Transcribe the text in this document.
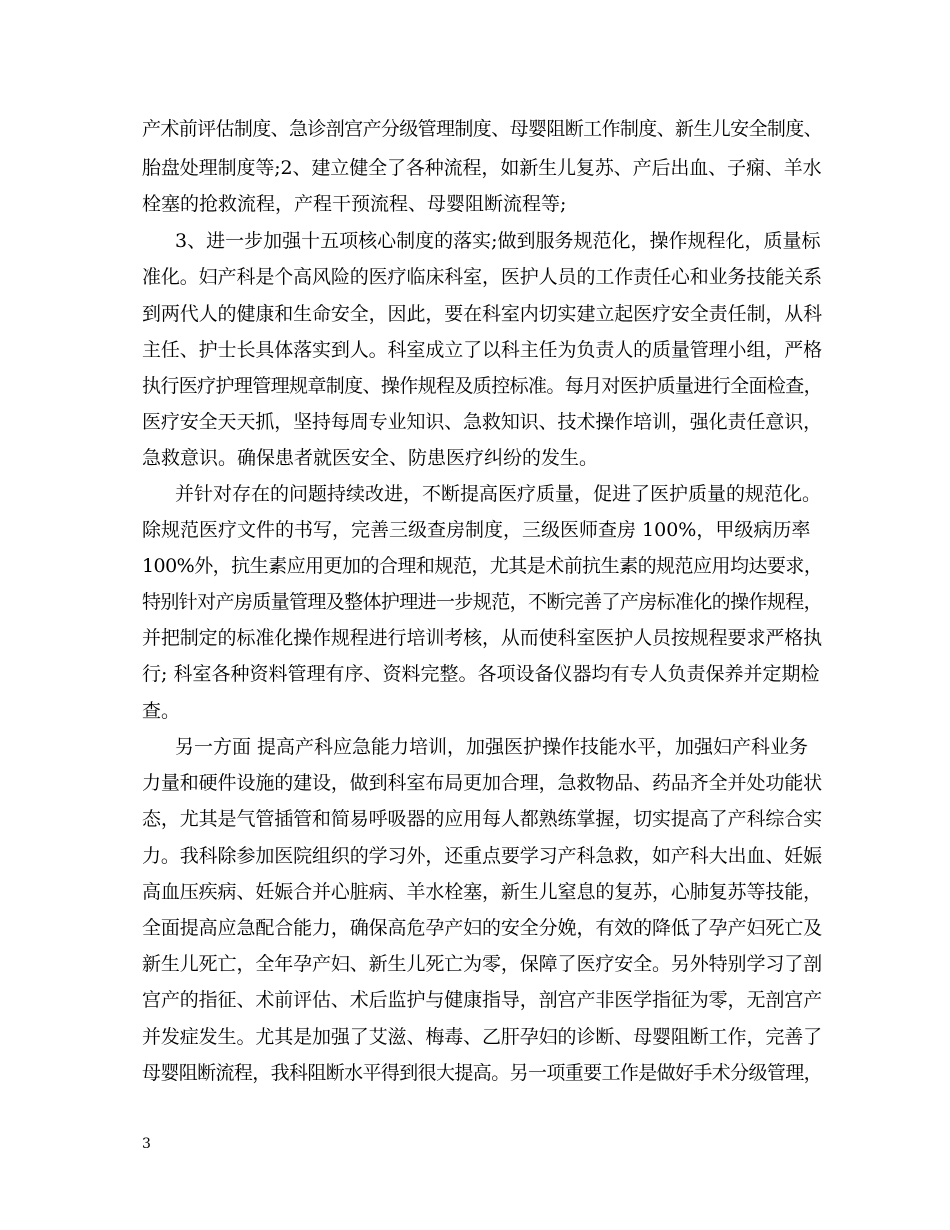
产术前评估制度、急诊剖宫产分级管理制度、母婴阻断工作制度、新生儿安全制度、
胎盘处理制度等;2、建立健全了各种流程，如新生儿复苏、产后出血、子痫、羊水
栓塞的抢救流程，产程干预流程、母婴阻断流程等;
3、进一步加强十五项核心制度的落实;做到服务规范化，操作规程化，质量标
准化。妇产科是个高风险的医疗临床科室，医护人员的工作责任心和业务技能关系
到两代人的健康和生命安全，因此，要在科室内切实建立起医疗安全责任制，从科
主任、护士长具体落实到人。科室成立了以科主任为负责人的质量管理小组，严格
执行医疗护理管理规章制度、操作规程及质控标准。每月对医护质量进行全面检查，
医疗安全天天抓，坚持每周专业知识、急救知识、技术操作培训，强化责任意识，
急救意识。确保患者就医安全、防患医疗纠纷的发生。
并针对存在的问题持续改进，不断提高医疗质量，促进了医护质量的规范化。
除规范医疗文件的书写，完善三级查房制度，三级医师查房 100%，甲级病历率
100%外，抗生素应用更加的合理和规范，尤其是术前抗生素的规范应用均达要求，
特别针对产房质量管理及整体护理进一步规范，不断完善了产房标准化的操作规程，
并把制定的标准化操作规程进行培训考核，从而使科室医护人员按规程要求严格执
行; 科室各种资料管理有序、资料完整。各项设备仪器均有专人负责保养并定期检
查。
另一方面 提高产科应急能力培训，加强医护操作技能水平，加强妇产科业务
力量和硬件设施的建设，做到科室布局更加合理，急救物品、药品齐全并处功能状
态，尤其是气管插管和简易呼吸器的应用每人都熟练掌握，切实提高了产科综合实
力。我科除参加医院组织的学习外，还重点要学习产科急救，如产科大出血、妊娠
高血压疾病、妊娠合并心脏病、羊水栓塞，新生儿窒息的复苏，心肺复苏等技能，
全面提高应急配合能力，确保高危孕产妇的安全分娩，有效的降低了孕产妇死亡及
新生儿死亡，全年孕产妇、新生儿死亡为零，保障了医疗安全。另外特别学习了剖
宫产的指征、术前评估、术后监护与健康指导，剖宫产非医学指征为零，无剖宫产
并发症发生。尤其是加强了艾滋、梅毒、乙肝孕妇的诊断、母婴阻断工作，完善了
母婴阻断流程，我科阻断水平得到很大提高。另一项重要工作是做好手术分级管理，
3
